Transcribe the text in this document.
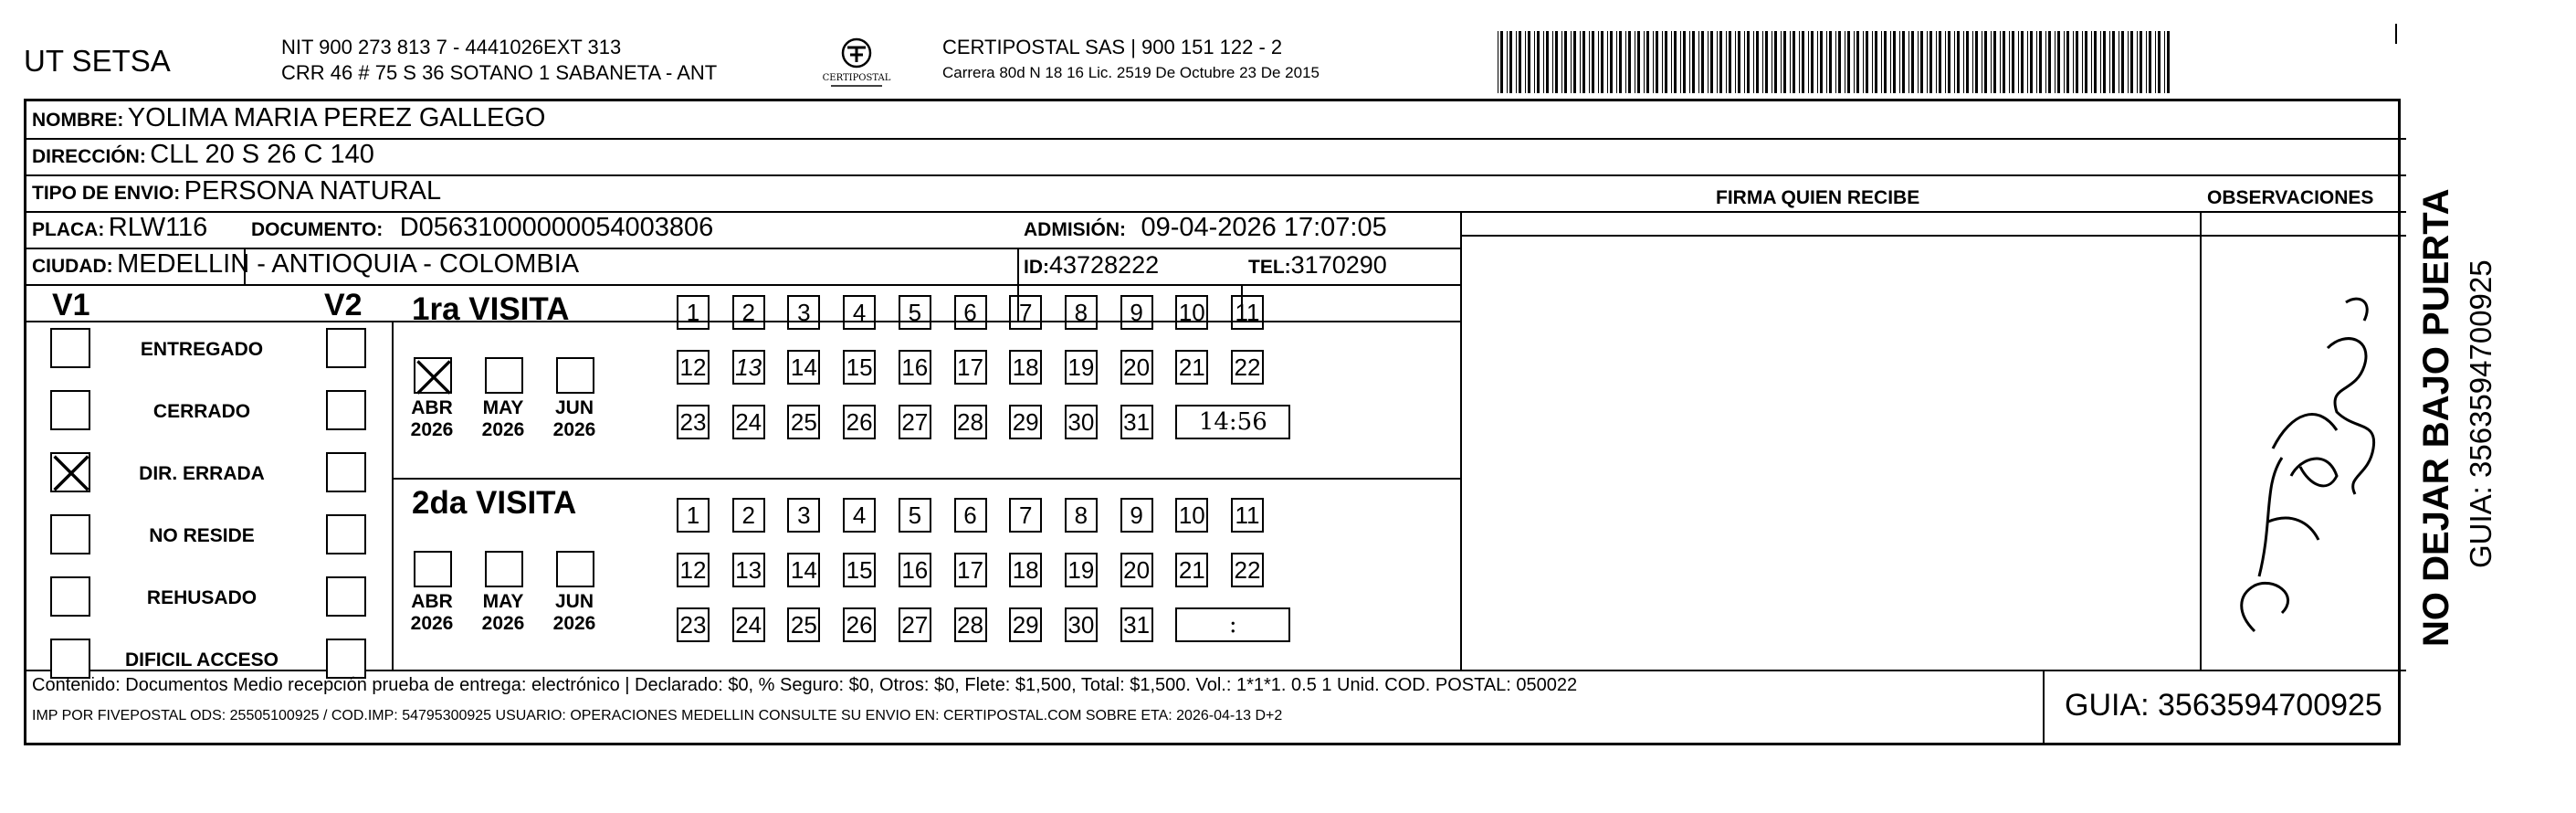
UT SETSA	NIT 900 273 813 7 - 4441026EXT 313
CRR 46 # 75 S 36 SOTANO 1 SABANETA - ANT	CERTIPOSTAL
CERTIPOSTAL SAS | 900 151 122 - 2
Carrera 80d N 18 16 Lic. 2519 De Octubre 23 De 2015
NOMBRE: YOLIMA MARIA PEREZ GALLEGO
DIRECCIÓN: CLL 20 S 26 C 140
TIPO DE ENVIO: PERSONA NATURAL	FIRMA QUIEN RECIBE	OBSERVACIONES
PLACA: RLW116 DOCUMENTO: D05631000000054003806	ADMISIÓN: 09-04-2026 17:07:05
CIUDAD: MEDELLIN - ANTIOQUIA - COLOMBIA	ID:43728222	TEL:3170290
V1	V2
ENTREGADO
CERRADO
DIR. ERRADA
NO RESIDE
REHUSADO
DIFICIL ACCESO
1ra VISITA
ABR
2026
MAY
2026
JUN
2026
1	2	3	4	5	6	7	8	9	10 11
12 13 14 15 16 17 18 19 20 21 22
23 24 25 26 27 28 29 30 31	14:56
2da VISITA
ABR
2026
MAY
2026
JUN
2026
1	2	3	4	5	6	7	8	9	10 11
12 13 14 15 16 17 18 19 20 21 22
23 24 25 26 27 28 29 30 31	:
Contenido: Documentos Medio recepción prueba de entrega: electrónico | Declarado: $0, % Seguro: $0, Otros: $0, Flete: $1,500, Total: $1,500. Vol.: 1*1*1. 0.5 1 Unid. COD. POSTAL: 050022
IMP POR FIVEPOSTAL ODS: 25505100925 / COD.IMP: 54795300925 USUARIO: OPERACIONES MEDELLIN CONSULTE SU ENVIO EN: CERTIPOSTAL.COM SOBRE ETA: 2026-04-13 D+2	GUIA: 3563594700925
NO DEJAR BAJO PUERTA GUIA: 3563594700925
